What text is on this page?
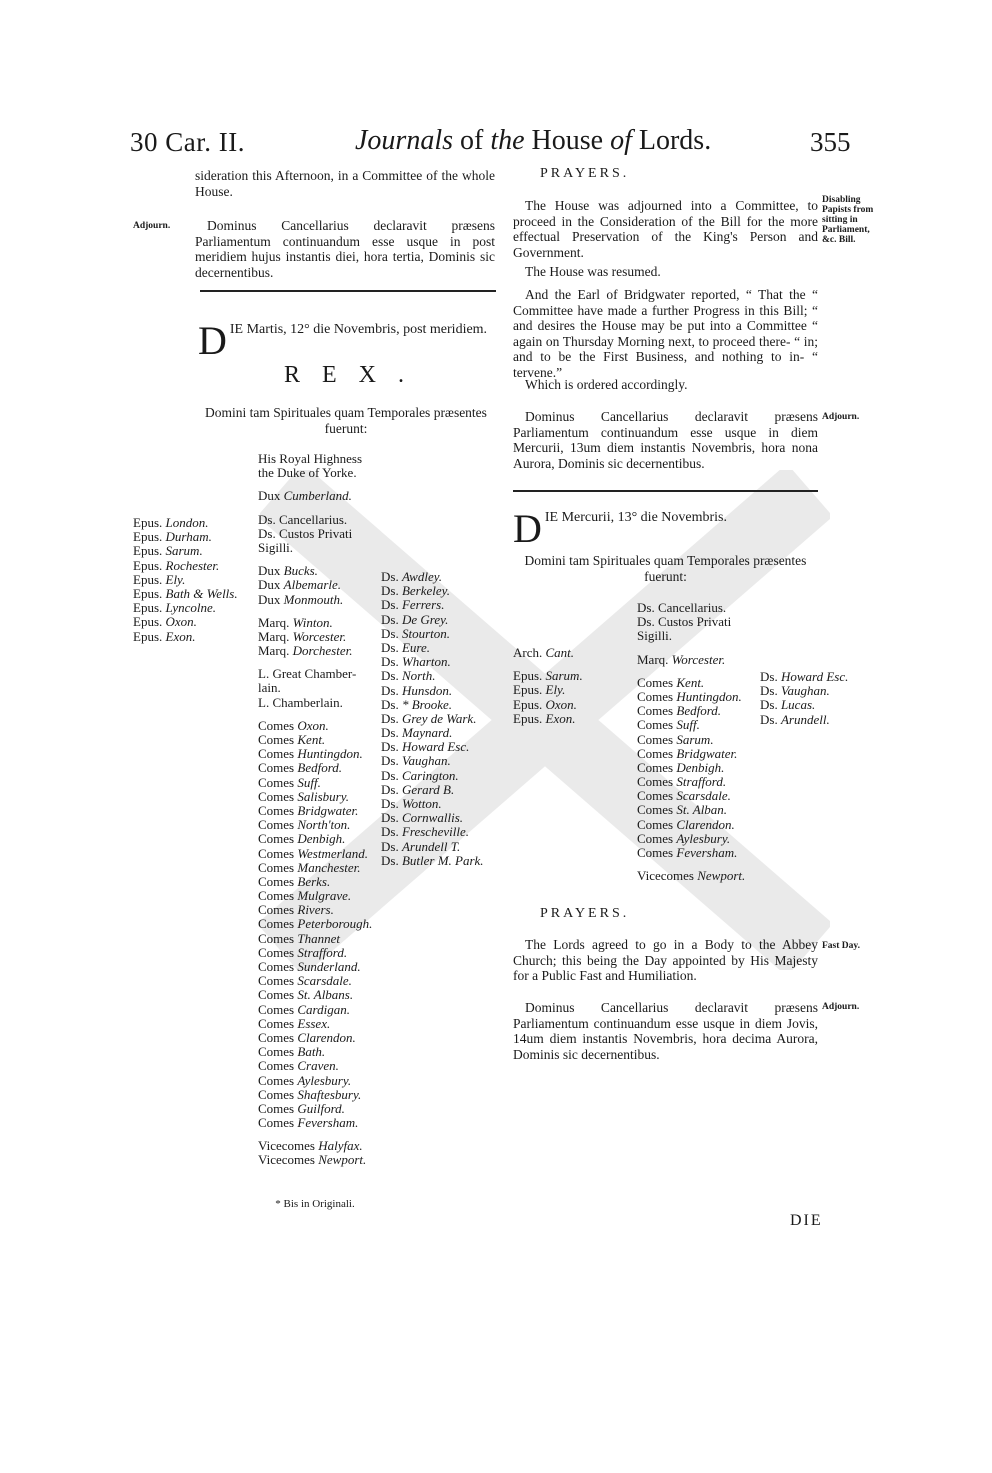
30 Car. II.	Journals of the House of Lords.	355

sideration this Afternoon, in a Committee of the whole House.

Adjourn.	Dominus Cancellarius declaravit præsens Parliamentum continuandum esse usque in post meridiem hujus instantis diei, hora tertia, Dominis sic decernentibus.

DIE Martis, 12° die Novembris, post meridiem.
REX.

Domini tam Spirituales quam Temporales præsentes fuerunt:

Epus. London.
Epus. Durham.
Epus. Sarum.
Epus. Rochester.
Epus. Ely.
Epus. Bath & Wells.
Epus. Lyncolne.
Epus. Oxon.
Epus. Exon.
His Royal Highness
the Duke of Yorke.
Dux Cumberland.
Ds. Cancellarius.
Ds. Custos Privati
Sigilli.
Dux Bucks.
Dux Albemarle.
Dux Monmouth.
Marq. Winton.
Marq. Worcester.
Marq. Dorchester.
L. Great Chamber-
lain.
L. Chamberlain.
Comes Oxon.
Comes Kent.
Comes Huntingdon.
Comes Bedford.
Comes Suff.
Comes Salisbury.
Comes Bridgwater.
Comes North'ton.
Comes Denbigh.
Comes Westmerland.
Comes Manchester.
Comes Berks.
Comes Mulgrave.
Comes Rivers.
Comes Peterborough.
Comes Thannet
Comes Strafford.
Comes Sunderland.
Comes Scarsdale.
Comes St. Albans.
Comes Cardigan.
Comes Essex.
Comes Clarendon.
Comes Bath.
Comes Craven.
Comes Aylesbury.
Comes Shaftesbury.
Comes Guilford.
Comes Feversham.
Vicecomes Halyfax.
Vicecomes Newport.
Ds. Awdley.
Ds. Berkeley.
Ds. Ferrers.
Ds. De Grey.
Ds. Stourton.
Ds. Eure.
Ds. Wharton.
Ds. North.
Ds. Hunsdon.
Ds. * Brooke.
Ds. Grey de Wark.
Ds. Maynard.
Ds. Howard Esc.
Ds. Vaughan.
Ds. Carington.
Ds. Gerard B.
Ds. Wotton.
Ds. Cornwallis.
Ds. Frescheville.
Ds. Arundell T.
Ds. Butler M. Park.
* Bis in Originali.
PRAYERS.

The House was adjourned into a Committee, to proceed in the Consideration of the Bill for the more effectual Preservation of the King's Person and Government.

Disabling Papists from sitting in Parliament, &c. Bill.

The House was resumed.

And the Earl of Bridgwater reported, “ That the “ Committee have made a further Progress in this Bill; “ and desires the House may be put into a Committee “ again on Thursday Morning next, to proceed there- “ in; and to be the First Business, and nothing to in- “ tervene.”

Which is ordered accordingly.

Dominus Cancellarius declaravit præsens Parliamentum continuandum esse usque in diem Mercurii, 13um diem instantis Novembris, hora nona Aurora, Dominis sic decernentibus.

Adjourn.
DIE Mercurii, 13° die Novembris.

Domini tam Spirituales quam Temporales præsentes fuerunt:

Arch. Cant.
Epus. Sarum.
Epus. Ely.
Epus. Oxon.
Epus. Exon.
Ds. Cancellarius.
Ds. Custos Privati
Sigilli.
Marq. Worcester.
Comes Kent.
Comes Huntingdon.
Comes Bedford.
Comes Suff.
Comes Sarum.
Comes Bridgwater.
Comes Denbigh.
Comes Strafford.
Comes Scarsdale.
Comes St. Alban.
Comes Clarendon.
Comes Aylesbury.
Comes Feversham.
Vicecomes Newport.
Ds. Howard Esc.
Ds. Vaughan.
Ds. Lucas.
Ds. Arundell.
PRAYERS.

The Lords agreed to go in a Body to the Abbey Church; this being the Day appointed by His Majesty for a Public Fast and Humiliation.

Fast Day.

Dominus Cancellarius declaravit præsens Parliamentum continuandum esse usque in diem Jovis, 14um diem instantis Novembris, hora decima Aurora, Dominis sic decernentibus.

Adjourn.
DIE
